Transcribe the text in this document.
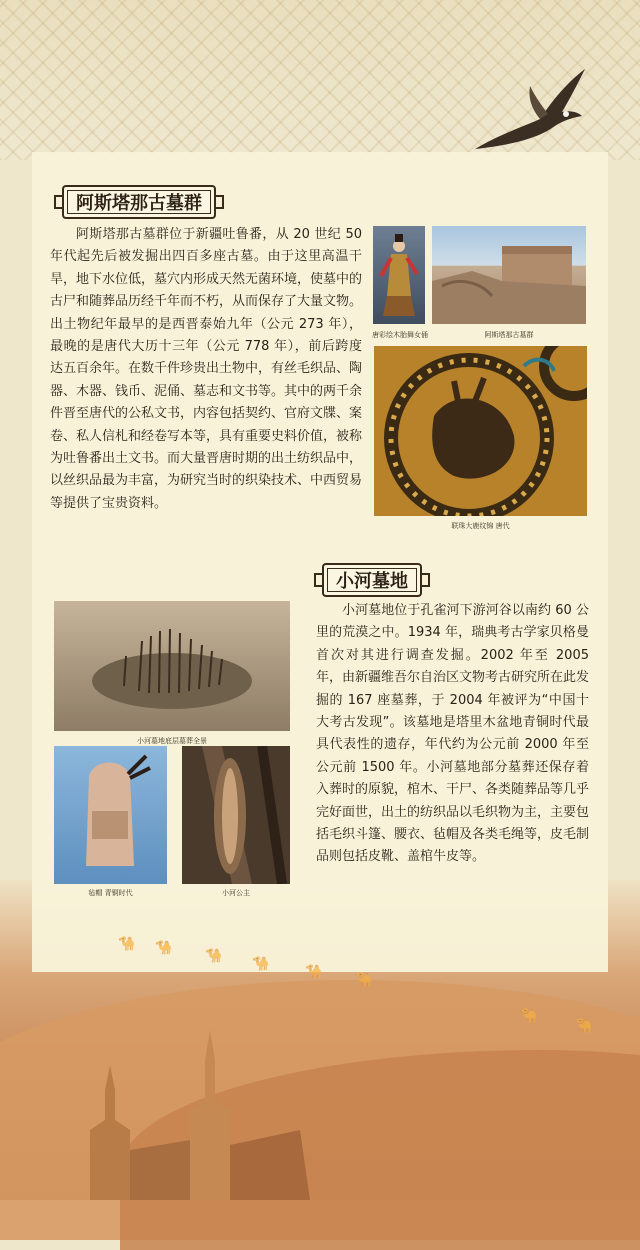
阿斯塔那古墓群

阿斯塔那古墓群位于新疆吐鲁番，从 20 世纪 50 年代起先后被发掘出四百多座古墓。由于这里高温干旱，地下水位低，墓穴内形成天然无菌环境，使墓中的古尸和随葬品历经千年而不朽，从而保存了大量文物。出土物纪年最早的是西晋泰始九年（公元 273 年），最晚的是唐代大历十三年（公元 778 年），前后跨度达五百余年。在数千件珍贵出土物中，有丝毛织品、陶器、木器、钱币、泥俑、墓志和文书等。其中的两千余件晋至唐代的公私文书，内容包括契约、官府文牒、案卷、私人信札和经卷写本等，具有重要史料价值，被称为吐鲁番出土文书。而大量晋唐时期的出土纺织品中，以丝织品最为丰富，为研究当时的织染技术、中西贸易等提供了宝贵资料。

唐彩绘木胎舞女俑	阿斯塔那古墓群
联珠大鹿纹锦 唐代
小河墓地

小河墓地位于孔雀河下游河谷以南约 60 公里的荒漠之中。1934 年，瑞典考古学家贝格曼首次对其进行调查发掘。2002 年至 2005 年，由新疆维吾尔自治区文物考古研究所在此发掘的 167 座墓葬，于 2004 年被评为“中国十大考古发现”。该墓地是塔里木盆地青铜时代最具代表性的遗存，年代约为公元前 2000 年至公元前 1500 年。小河墓地部分墓葬还保存着入葬时的原貌，棺木、干尸、各类随葬品等几乎完好面世，出土的纺织品以毛织物为主，主要包括毛织斗篷、腰衣、毡帽及各类毛绳等，皮毛制品则包括皮靴、盖棺牛皮等。

小河墓地底层墓葬全景
毡帽 青铜时代	小河公主
🐪 🐪 🐪 🐪	🐪 🐪
🐪
🐪
